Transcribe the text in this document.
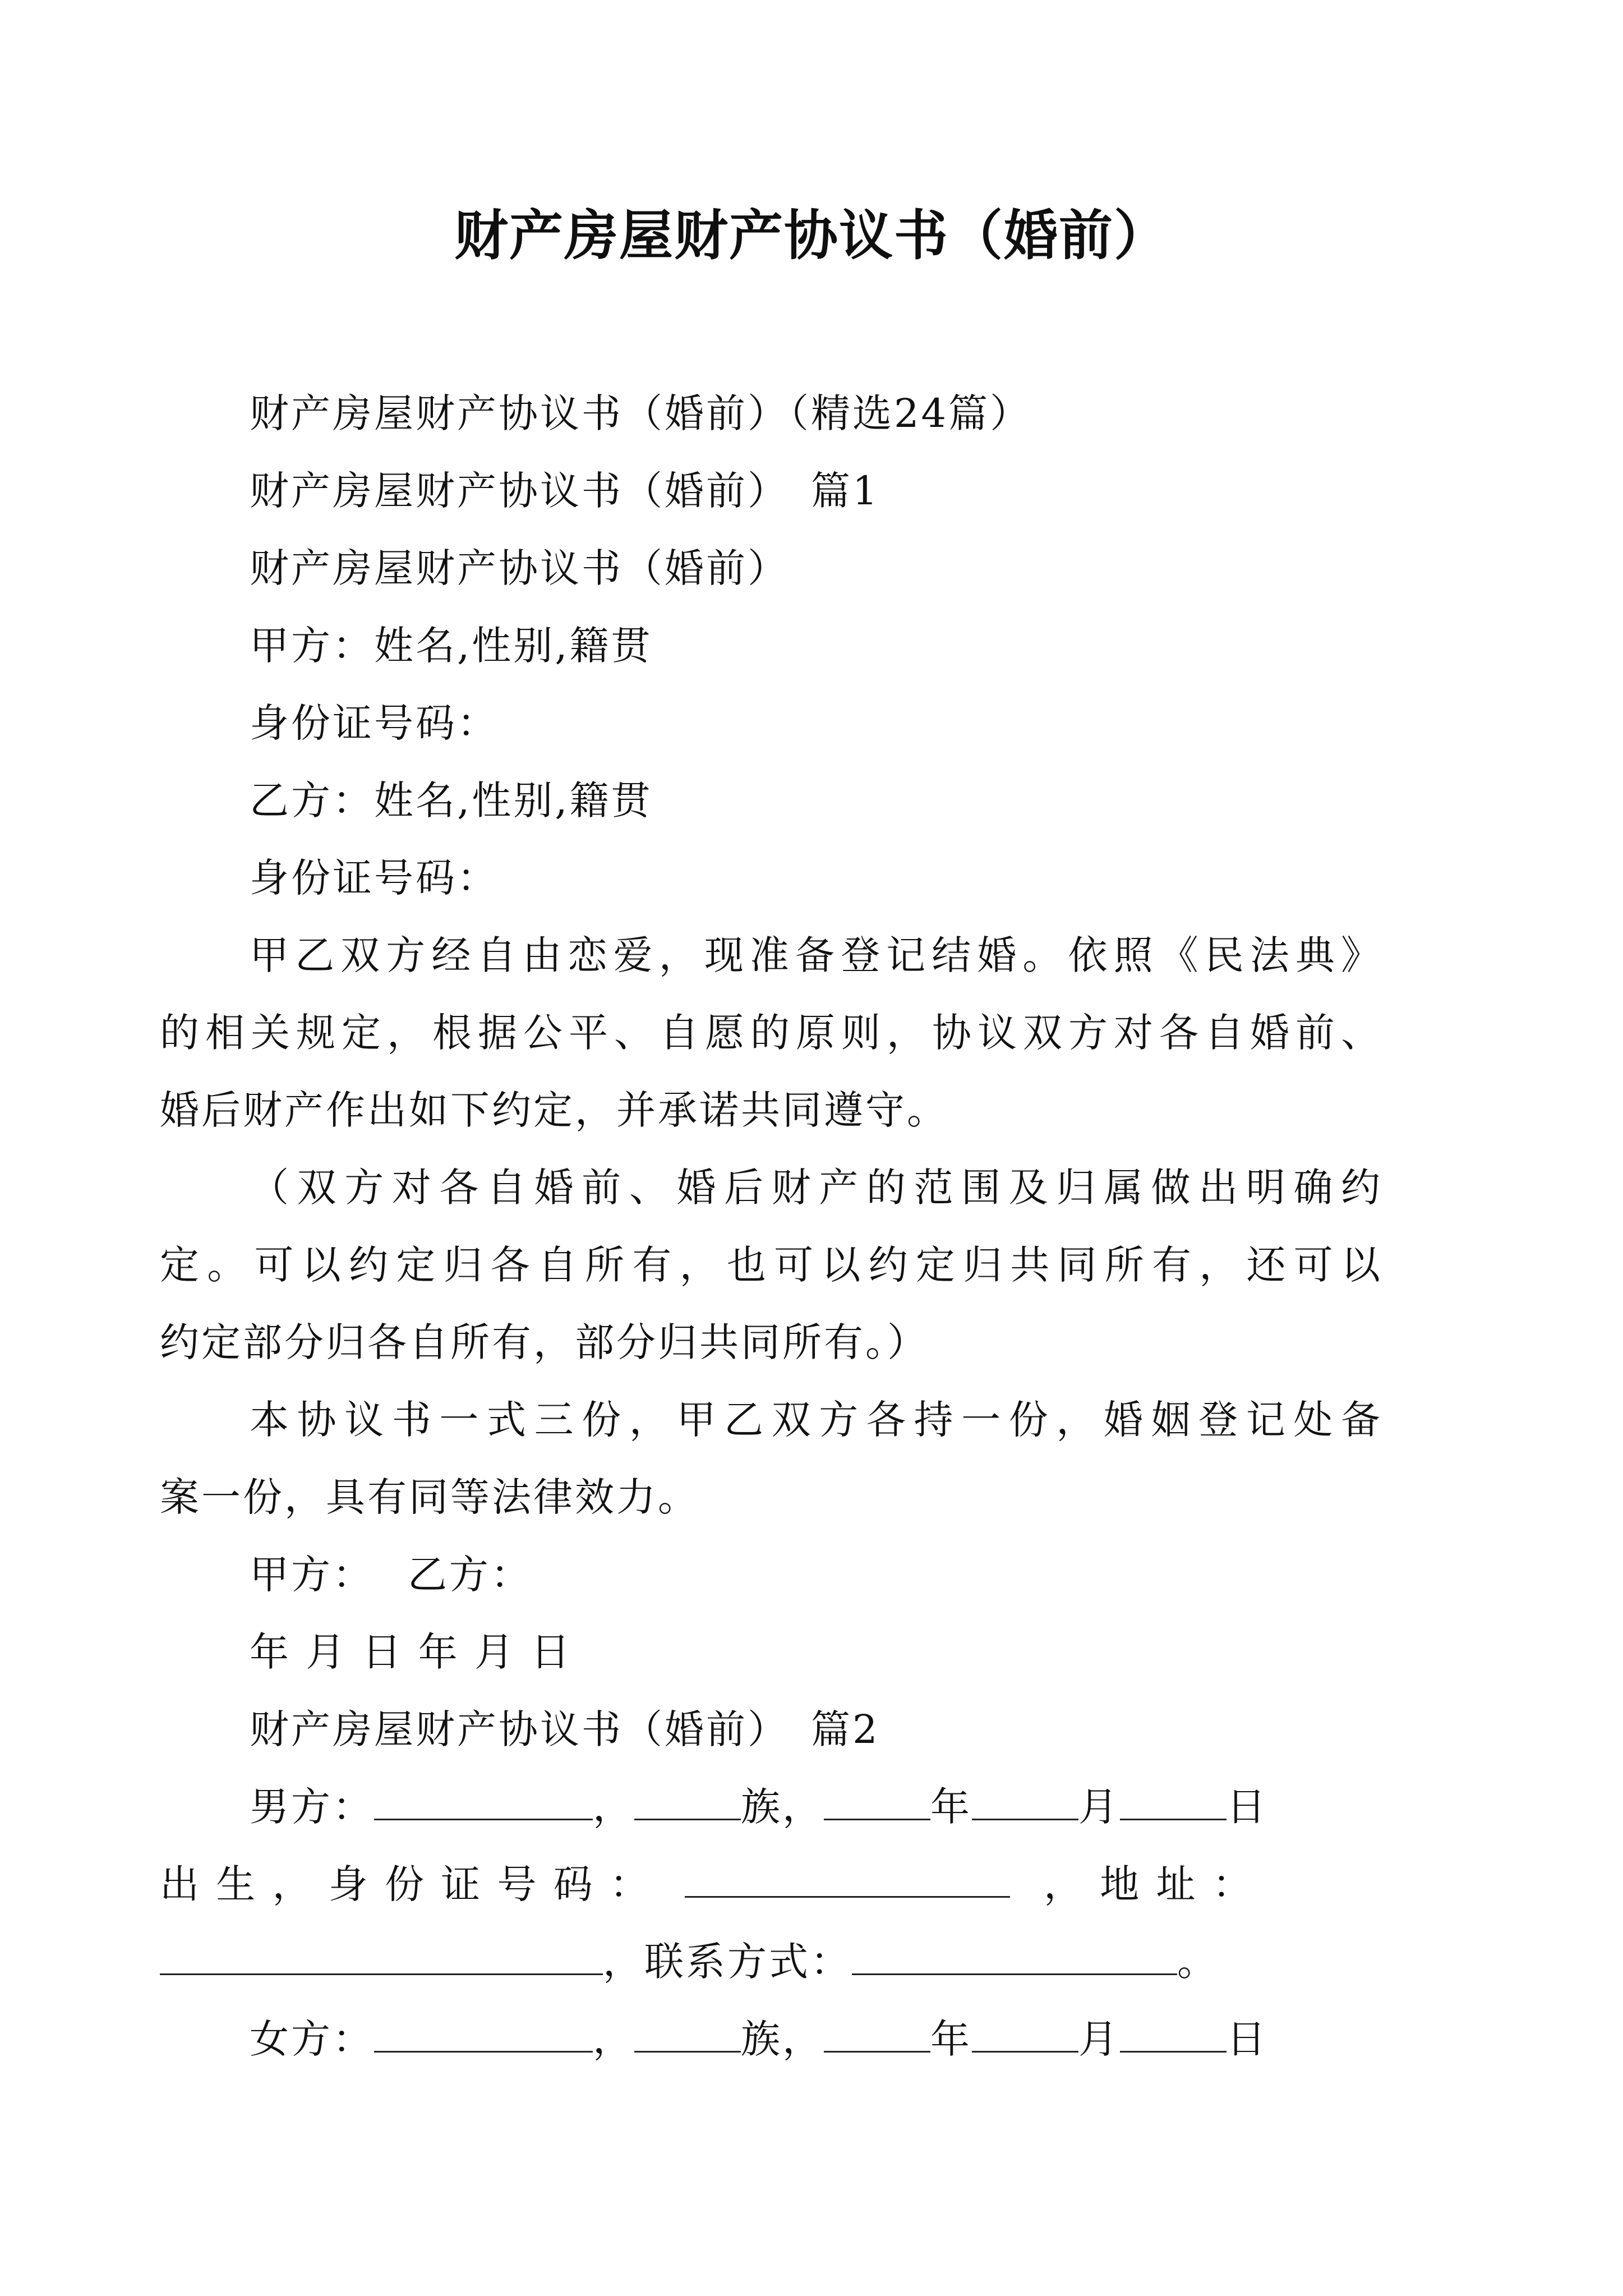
财产房屋财产协议书（婚前）
财产房屋财产协议书（婚前）（精选24篇）
财产房屋财产协议书（婚前）　篇1
财产房屋财产协议书（婚前）
甲方：姓名,性别,籍贯
身份证号码：
乙方：姓名,性别,籍贯
身份证号码：
甲乙双方经自由恋爱，现准备登记结婚。依照《民法典》
的相关规定，根据公平、自愿的原则，协议双方对各自婚前、
婚后财产作出如下约定，并承诺共同遵守。
（双方对各自婚前、婚后财产的范围及归属做出明确约
定。可以约定归各自所有，也可以约定归共同所有，还可以
约定部分归各自所有，部分归共同所有。）
本协议书一式三份，甲乙双方各持一份，婚姻登记处备
案一份，具有同等法律效力。
甲方： 乙方：
年 月 日 年 月 日
财产房屋财产协议书（婚前）　篇2
男方：	，	族，	年	月	日
出 生 ， 身 份 证 号 码 ：	， 地 址 ：
，联系方式：	。
女方：	，	族，	年	月	日
